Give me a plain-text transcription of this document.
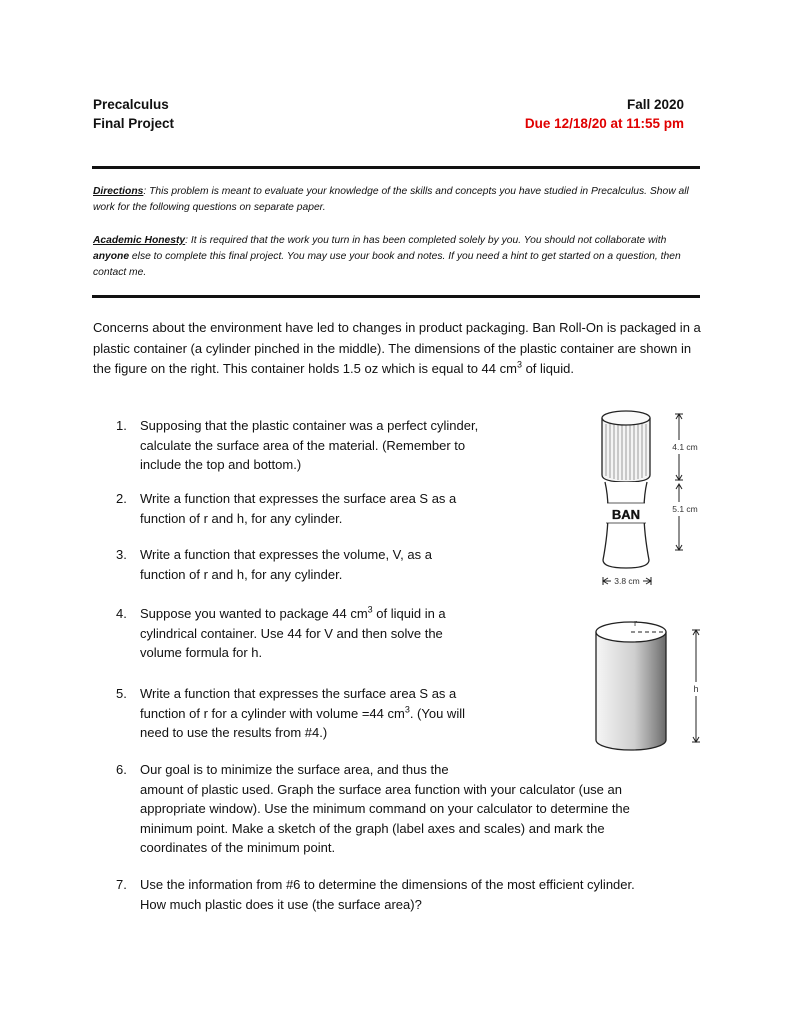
Precalculus
Final Project
Fall 2020
Due 12/18/20 at 11:55 pm
Directions: This problem is meant to evaluate your knowledge of the skills and concepts you have studied in Precalculus. Show all work for the following questions on separate paper.
Academic Honesty: It is required that the work you turn in has been completed solely by you. You should not collaborate with anyone else to complete this final project. You may use your book and notes. If you need a hint to get started on a question, then contact me.
Concerns about the environment have led to changes in product packaging. Ban Roll-On is packaged in a plastic container (a cylinder pinched in the middle). The dimensions of the plastic container are shown in the figure on the right. This container holds 1.5 oz which is equal to 44 $cm^3$ of liquid.
1. Supposing that the plastic container was a perfect cylinder,
calculate the surface area of the material. (Remember to
include the top and bottom.)
2. Write a function that expresses the surface area S as a
function of r and h, for any cylinder.
3. Write a function that expresses the volume, V, as a
function of r and h, for any cylinder.
4. Suppose you wanted to package 44 $cm^3$ of liquid in a
cylindrical container. Use 44 for V and then solve the
volume formula for h.
5. Write a function that expresses the surface area S as a
function of r for a cylinder with volume =44 $cm^3$. (You will
need to use the results from #4.)
6. Our goal is to minimize the surface area, and thus the
amount of plastic used. Graph the surface area function with your calculator (use an
appropriate window). Use the minimum command on your calculator to determine the
minimum point. Make a sketch of the graph (label axes and scales) and mark the
coordinates of the minimum point.
7. Use the information from #6 to determine the dimensions of the most efficient cylinder.
How much plastic does it use (the surface area)?
BAN
4.1 cm
5.1 cm
3.8 cm
r
h
